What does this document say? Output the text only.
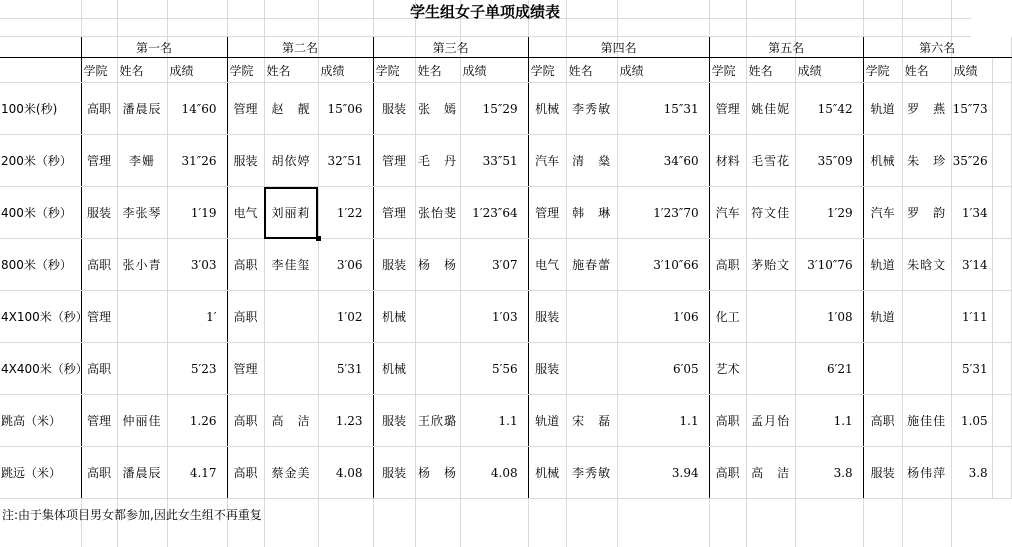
学生组女子单项成绩表
	第一名			第二名			第三名			第四名			第五名			第六名			
	学院	姓名	成绩	学院	姓名	成绩	学院	姓名	成绩	学院	姓名	成绩	学院	姓名	成绩	学院	姓名	成绩	
100米(秒)	高职	潘晨辰	14″60	管理	赵　靓	15″06	服装	张　嫣	15″29	机械	李秀敏	15″31	管理	姚佳妮	15″42	轨道	罗　燕	15″73	
200米（秒）	管理	李姗	31″26	服装	胡依婷	32″51	管理	毛　丹	33″51	汽车	清　燊	34″60	材料	毛雪花	35″09	机械	朱　珍	35″26	
400米（秒）	服装	李张琴	1′19	电气	刘丽莉	1′22	管理	张怡斐	1′23″64	管理	韩　琳	1′23″70	汽车	符文佳	1′29	汽车	罗　韵	1′34	
800米（秒）	高职	张小青	3′03	高职	李佳玺	3′06	服装	杨　杨	3′07	电气	施春蕾	3′10″66	高职	茅贻文	3′10″76	轨道	朱晗文	3′14	
4X100米（秒）	管理		1′	高职		1′02	机械		1′03	服装		1′06	化工		1′08	轨道		1′11	
4X400米（秒）	高职		5′23	管理		5′31	机械		5′56	服装		6′05	艺术		6′21			5′31	
跳高（米）	管理	仲丽佳	1.26	高职	高　洁	1.23	服装	王欣璐	1.1	轨道	宋　磊	1.1	高职	孟月怡	1.1	高职	施佳佳	1.05	
跳远（米）	高职	潘晨辰	4.17	高职	蔡金美	4.08	服装	杨　杨	4.08	机械	李秀敏	3.94	高职	高　洁	3.8	服装	杨伟萍	3.8	
注:由于集体项目男女都参加,因此女生组不再重复
